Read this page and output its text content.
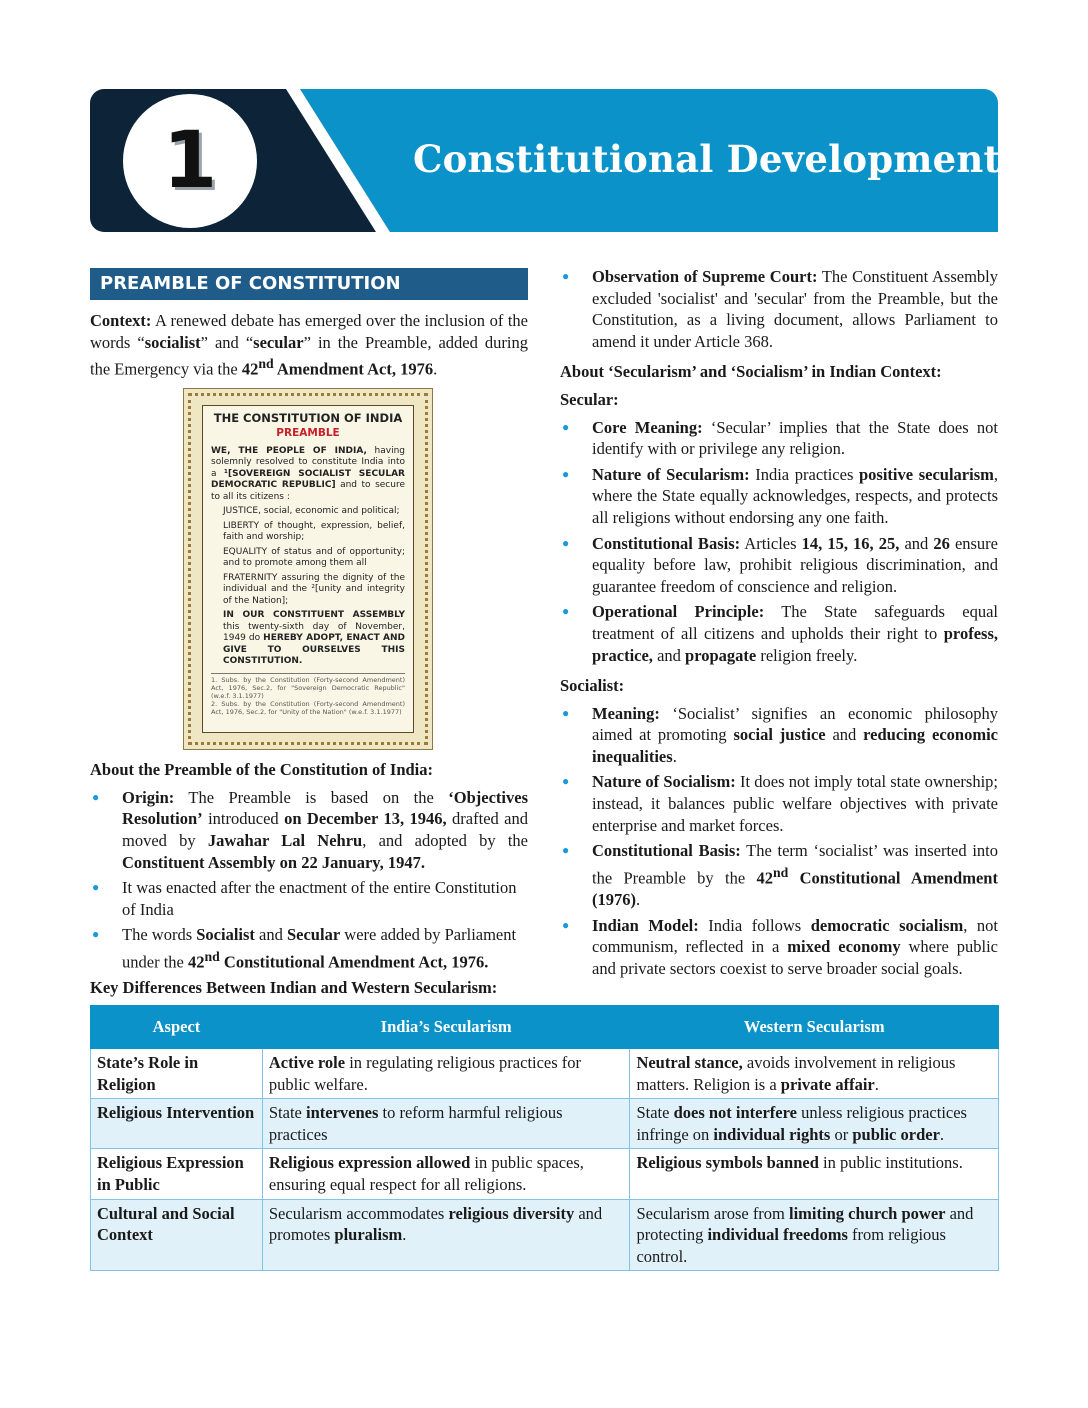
1	Constitutional Developments
PREAMBLE OF CONSTITUTION

Context: A renewed debate has emerged over the inclusion of the words “socialist” and “secular” in the Preamble, added during the Emergency via the 42nd Amendment Act, 1976.

THE CONSTITUTION OF INDIA
PREAMBLE
WE, THE PEOPLE OF INDIA, having solemnly resolved to constitute India into a ¹[SOVEREIGN SOCIALIST SECULAR DEMOCRATIC REPUBLIC] and to secure to all its citizens :
JUSTICE, social, economic and political;
LIBERTY of thought, expression, belief, faith and worship;
EQUALITY of status and of opportunity; and to promote among them all
FRATERNITY assuring the dignity of the individual and the ²[unity and integrity of the Nation];
IN OUR CONSTITUENT ASSEMBLY this twenty-sixth day of November, 1949 do HEREBY ADOPT, ENACT AND GIVE TO OURSELVES THIS CONSTITUTION.
1. Subs. by the Constitution (Forty-second Amendment) Act, 1976, Sec.2, for "Sovereign Democratic Republic" (w.e.f. 3.1.1977)
2. Subs. by the Constitution (Forty-second Amendment) Act, 1976, Sec.2, for "Unity of the Nation" (w.e.f. 3.1.1977)
About the Preamble of the Constitution of India:
● Origin: The Preamble is based on the ‘Objectives Resolution’ introduced on December 13, 1946, drafted and moved by Jawahar Lal Nehru, and adopted by the Constituent Assembly on 22 January, 1947.
● It was enacted after the enactment of the entire Constitution of India
● The words Socialist and Secular were added by Parliament under the 42nd Constitutional Amendment Act, 1976.
● Observation of Supreme Court: The Constituent Assembly excluded 'socialist' and 'secular' from the Preamble, but the Constitution, as a living document, allows Parliament to amend it under Article 368.
About ‘Secularism’ and ‘Socialism’ in Indian Context:
Secular:
● Core Meaning: ‘Secular’ implies that the State does not identify with or privilege any religion.
● Nature of Secularism: India practices positive secularism, where the State equally acknowledges, respects, and protects all religions without endorsing any one faith.
● Constitutional Basis: Articles 14, 15, 16, 25, and 26 ensure equality before law, prohibit religious discrimination, and guarantee freedom of conscience and religion.
● Operational Principle: The State safeguards equal treatment of all citizens and upholds their right to profess, practice, and propagate religion freely.
Socialist:
● Meaning: ‘Socialist’ signifies an economic philosophy aimed at promoting social justice and reducing economic inequalities.
● Nature of Socialism: It does not imply total state ownership; instead, it balances public welfare objectives with private enterprise and market forces.
● Constitutional Basis: The term ‘socialist’ was inserted into the Preamble by the 42nd Constitutional Amendment (1976).
● Indian Model: India follows democratic socialism, not communism, reflected in a mixed economy where public and private sectors coexist to serve broader social goals.
Key Differences Between Indian and Western Secularism:
Aspect	India’s Secularism	Western Secularism
State’s Role in Religion	Active role in regulating religious practices for public welfare.	Neutral stance, avoids involvement in religious matters. Religion is a private affair.
Religious Intervention	State intervenes to reform harmful religious practices	State does not interfere unless religious practices infringe on individual rights or public order.
Religious Expression in Public	Religious expression allowed in public spaces, ensuring equal respect for all religions.	Religious symbols banned in public institutions.
Cultural and Social Context	Secularism accommodates religious diversity and promotes pluralism.	Secularism arose from limiting church power and protecting individual freedoms from religious control.
